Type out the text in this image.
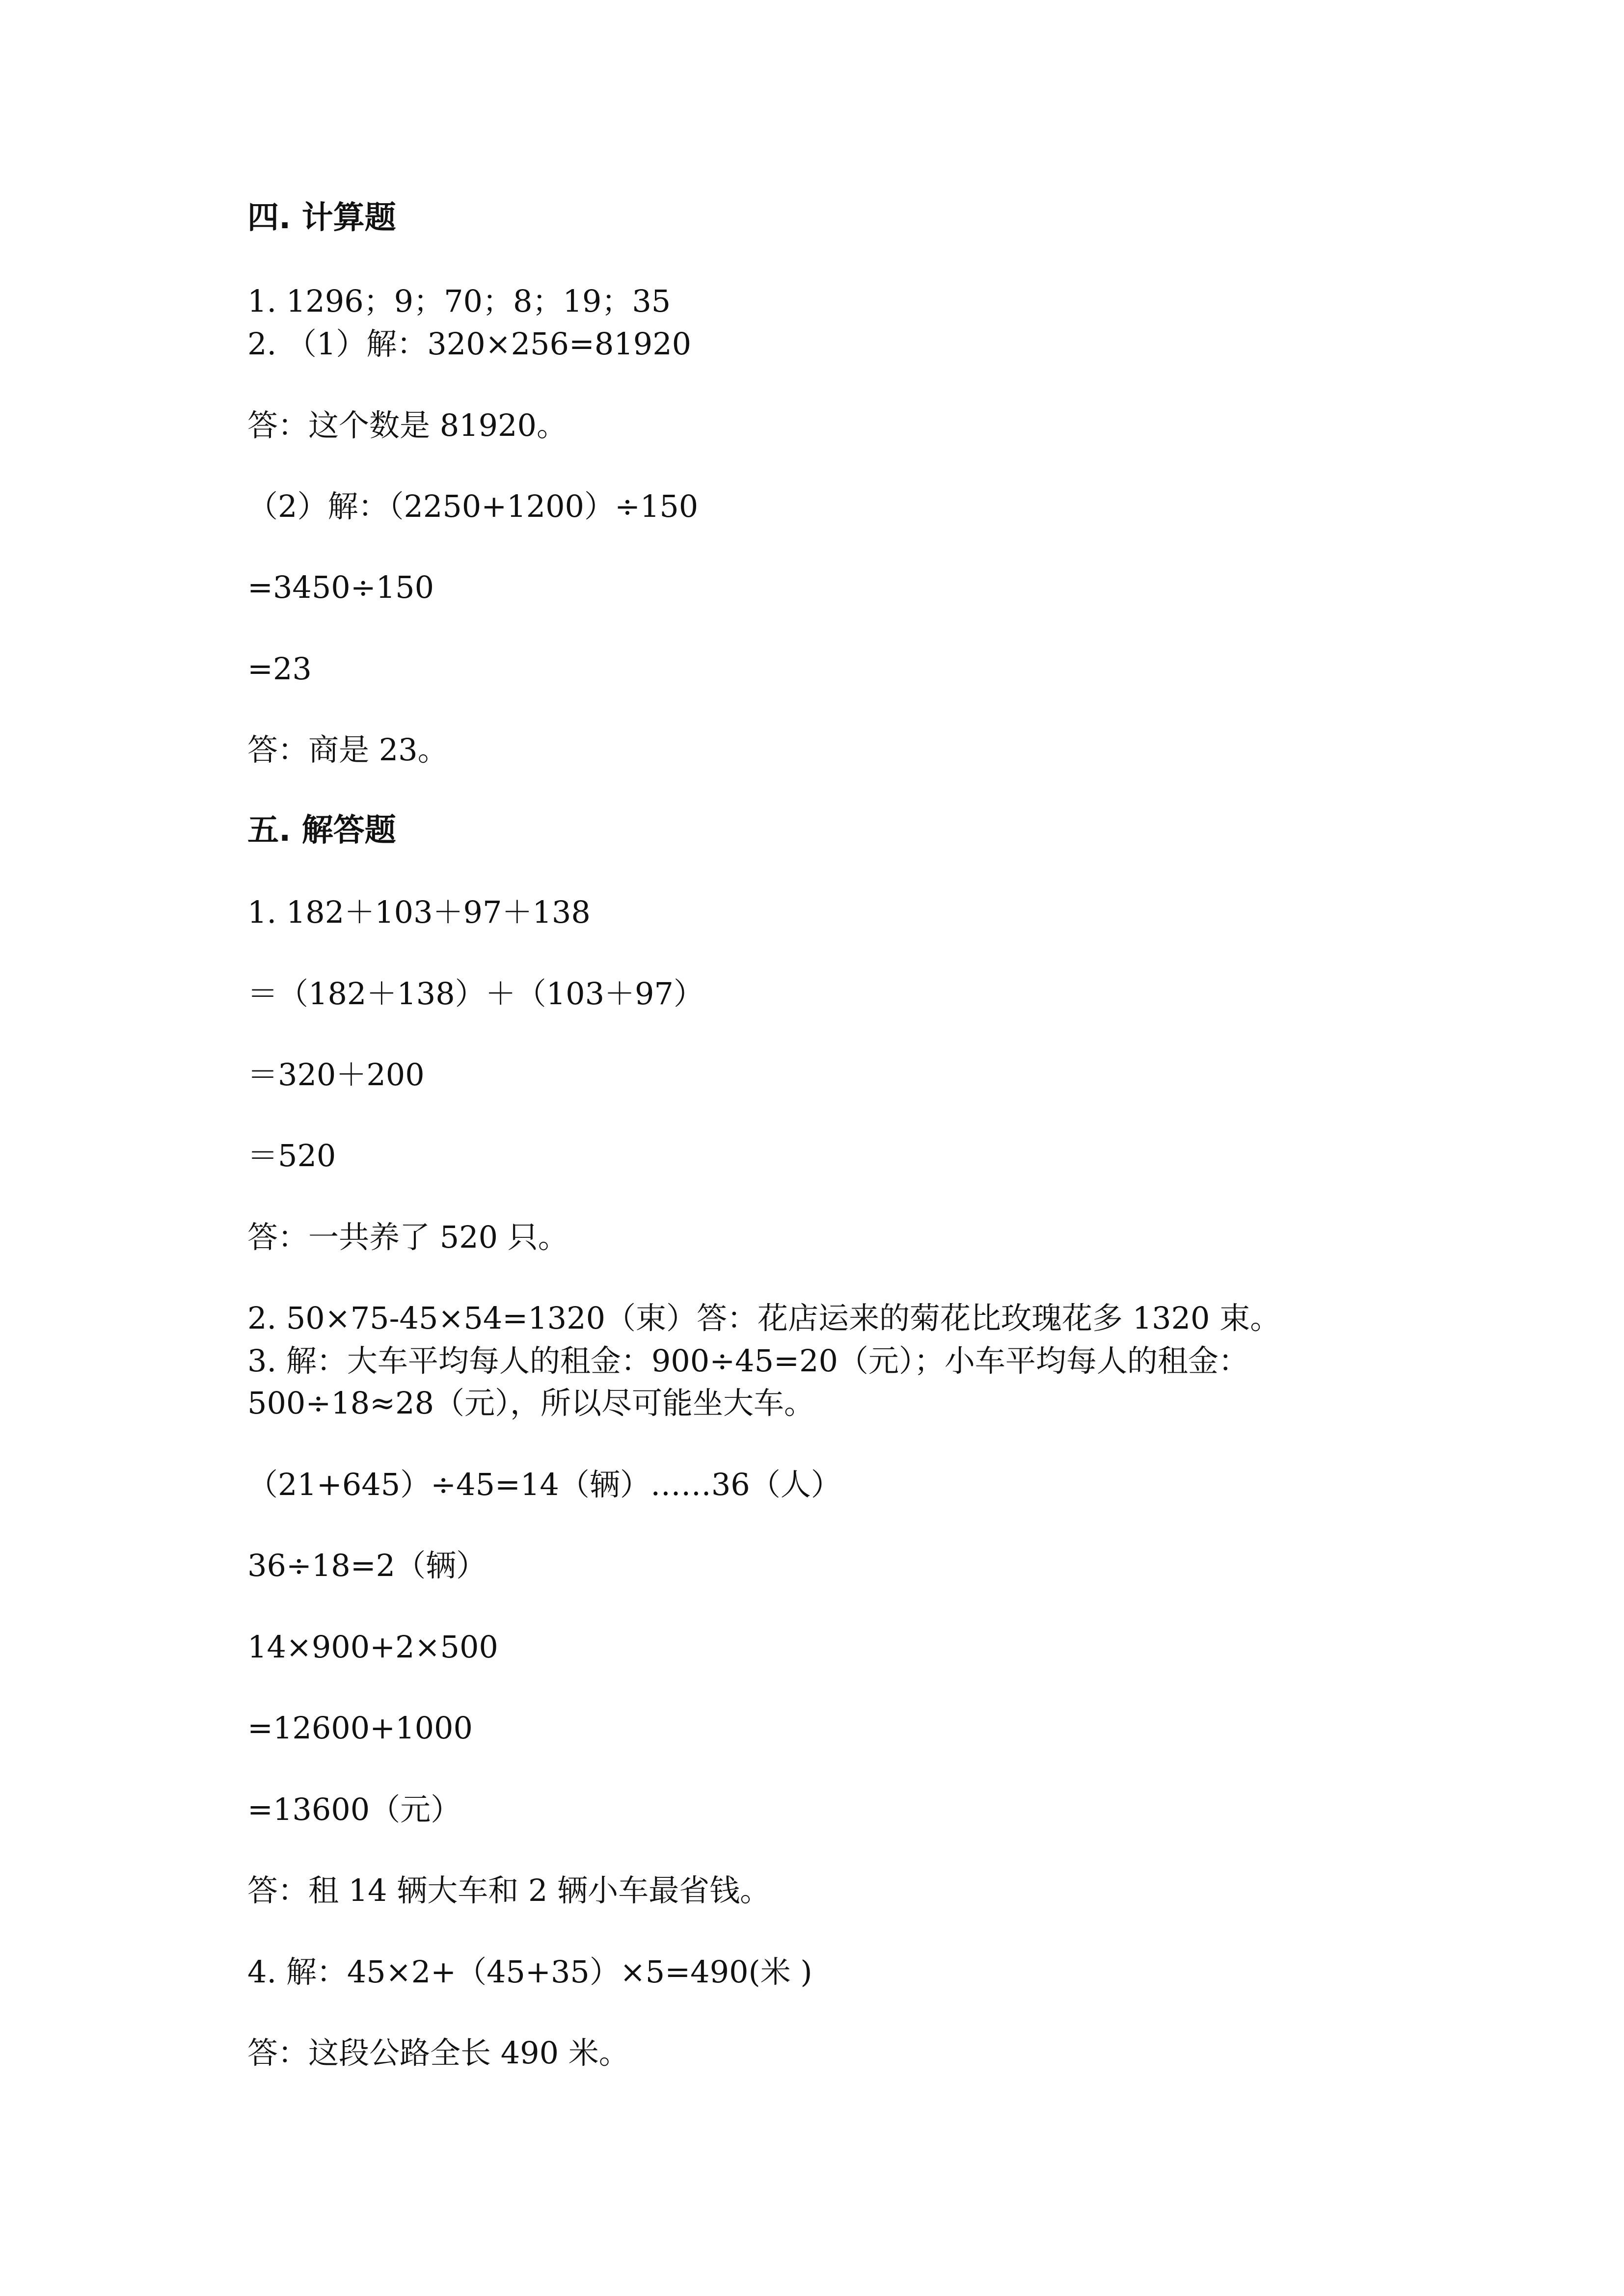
四. 计算题
1. 1296；9；70；8；19；35
2. （1）解：320×256=81920
答：这个数是 81920。
（2）解：（2250+1200）÷150
=3450÷150
=23
答：商是 23。
五. 解答题
1. 182＋103＋97＋138
＝（182＋138）＋（103＋97）
＝320＋200
＝520
答：一共养了 520 只。
2. 50×75-45×54=1320（束）答：花店运来的菊花比玫瑰花多 1320 束。
3. 解：大车平均每人的租金：900÷45=20（元）；小车平均每人的租金：
500÷18≈28（元），所以尽可能坐大车。
（21+645）÷45=14（辆）……36（人）
36÷18=2（辆）
14×900+2×500
=12600+1000
=13600（元）
答：租 14 辆大车和 2 辆小车最省钱。
4. 解：45×2+（45+35）×5=490(米 )
答：这段公路全长 490 米。
